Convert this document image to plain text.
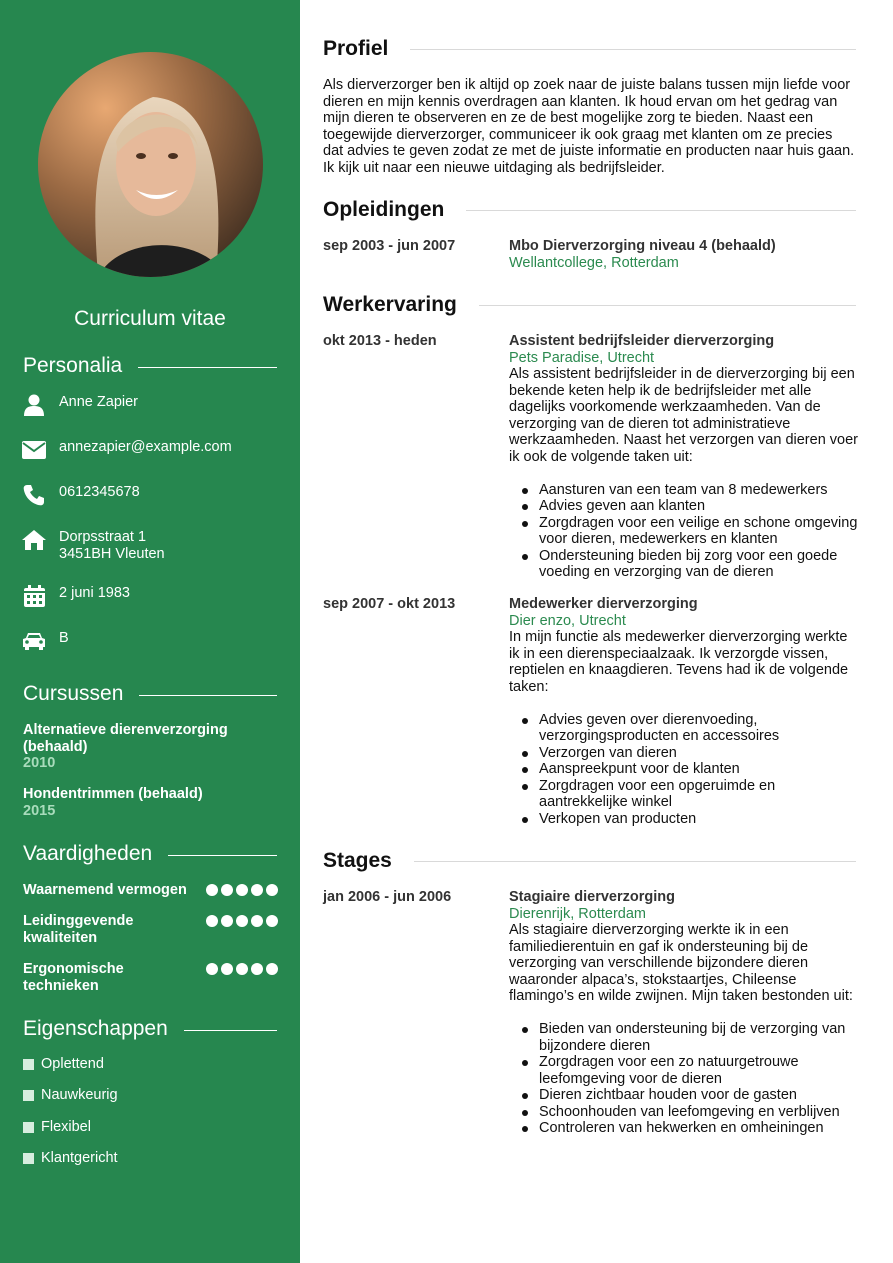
Curriculum vitae
Personalia
Anne Zapier
annezapier@example.com
0612345678
Dorpsstraat 1
3451BH Vleuten
2 juni 1983
B
Cursussen
Alternatieve dierenverzorging (behaald)
2010
Hondentrimmen (behaald)
2015
Vaardigheden
Waarnemend vermogen
Leidinggevende kwaliteiten
Ergonomische technieken
Eigenschappen
Oplettend
Nauwkeurig
Flexibel
Klantgericht
Profiel
Als dierverzorger ben ik altijd op zoek naar de juiste balans tussen mijn liefde voor dieren en mijn kennis overdragen aan klanten. Ik houd ervan om het gedrag van mijn dieren te observeren en ze de best mogelijke zorg te bieden. Naast een toegewijde dierverzorger, communiceer ik ook graag met klanten om ze precies dat advies te geven zodat ze met de juiste informatie en producten naar huis gaan. Ik kijk uit naar een nieuwe uitdaging als bedrijfsleider.
Opleidingen
sep 2003 - jun 2007	Mbo Dierverzorging niveau 4 (behaald)
Wellantcollege, Rotterdam
Werkervaring
okt 2013 - heden	Assistent bedrijfsleider dierverzorging
Pets Paradise, Utrecht
Als assistent bedrijfsleider in de dierverzorging bij een bekende keten help ik de bedrijfsleider met alle dagelijks voorkomende werkzaamheden. Van de verzorging van de dieren tot administratieve werkzaamheden. Naast het verzorgen van dieren voer ik ook de volgende taken uit:
Aansturen van een team van 8 medewerkers
Advies geven aan klanten
Zorgdragen voor een veilige en schone omgeving voor dieren, medewerkers en klanten
Ondersteuning bieden bij zorg voor een goede voeding en verzorging van de dieren
sep 2007 - okt 2013	Medewerker dierverzorging
Dier enzo, Utrecht
In mijn functie als medewerker dierverzorging werkte ik in een dierenspeciaalzaak. Ik verzorgde vissen, reptielen en knaagdieren. Tevens had ik de volgende taken:
Advies geven over dierenvoeding, verzorgingsproducten en accessoires
Verzorgen van dieren
Aanspreekpunt voor de klanten
Zorgdragen voor een opgeruimde en aantrekkelijke winkel
Verkopen van producten
Stages
jan 2006 - jun 2006	Stagiaire dierverzorging
Dierenrijk, Rotterdam
Als stagiaire dierverzorging werkte ik in een familiedierentuin en gaf ik ondersteuning bij de verzorging van verschillende bijzondere dieren waaronder alpaca’s, stokstaartjes, Chileense flamingo’s en wilde zwijnen. Mijn taken bestonden uit:
Bieden van ondersteuning bij de verzorging van bijzondere dieren
Zorgdragen voor een zo natuurgetrouwe leefomgeving voor de dieren
Dieren zichtbaar houden voor de gasten
Schoonhouden van leefomgeving en verblijven
Controleren van hekwerken en omheiningen
